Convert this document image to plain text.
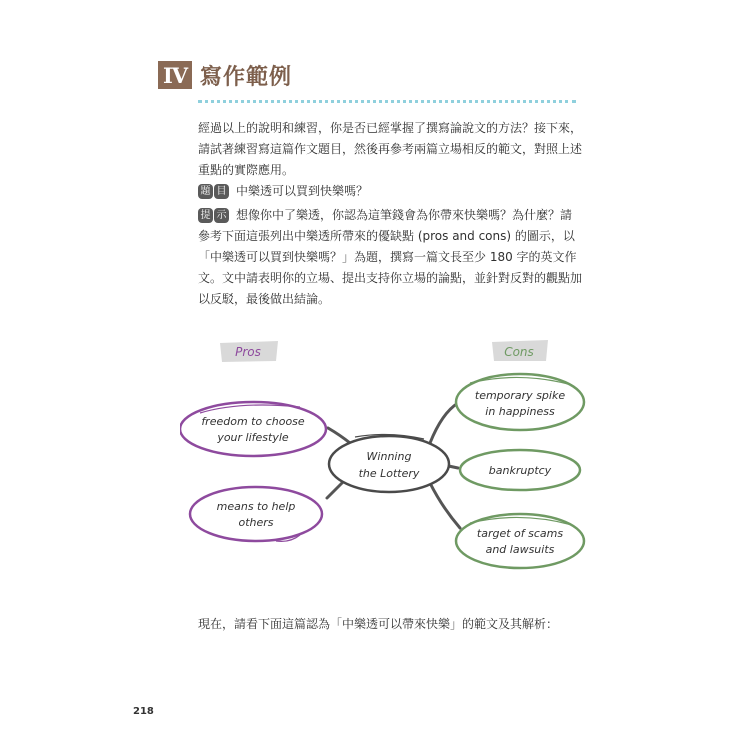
IV 寫作範例
經過以上的說明和練習，你是否已經掌握了撰寫論說文的方法？接下來，請試著練習寫這篇作文題目，然後再參考兩篇立場相反的範文，對照上述重點的實際應用。
題 目 中樂透可以買到快樂嗎？
提 示 想像你中了樂透，你認為這筆錢會為你帶來快樂嗎？為什麼？請參考下面這張列出中樂透所帶來的優缺點 (pros and cons) 的圖示，以「中樂透可以買到快樂嗎？」為題，撰寫一篇文長至少 180 字的英文作文。文中請表明你的立場、提出支持你立場的論點，並針對反對的觀點加以反駁，最後做出結論。
Pros	Cons
Winning
the Lottery
freedom to choose
your lifestyle
means to help
others
temporary spike
in happiness
bankruptcy
target of scams
and lawsuits
現在，請看下面這篇認為「中樂透可以帶來快樂」的範文及其解析：
218
